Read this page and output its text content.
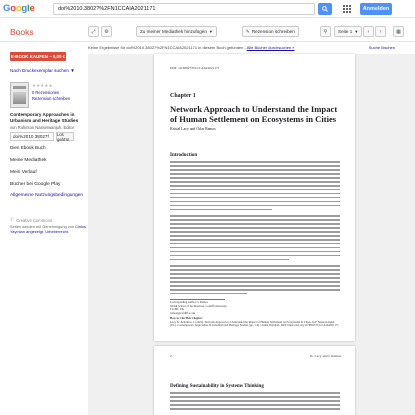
Google
doi%2010.3802?%2FN1CCAIA2021171	Anmelden
Books	⤢ ⚙	Zu meiner Mediathek hinzufügen ▼	✎ Rezension schreiben	⚲ Seite 1 ▼ ‹ ›	▦
Keine Ergebnisse für doi%2010.38027%2FN1CCAIA2021171 in diesem Buch gefunden - Alle Bücher durchsuchen »	Suche löschen
E-BOOK KAUFEN – 0,00 €
Nach Druckexemplar suchen ▼
★★★★★
0 Rezensionen
Rezension schreiben
Contemporary Approaches in Urbanism and Heritage Studies
von Rohinton Nasserwanjuh. Editor
doi%2010.38027f
Los geht's!
Dien Ebook Buch
Meine Mediathek
Mein Verlauf
Bücher bei Google Play
Allgemeine Nutzungsbedingungen
Ⓒ Creative Commons
Seiten werden mit Genehmigung von Cinius Yayınları angezeigt. Urheberrecht.
DOI: 10.38027/N1CCAIA2021171
Chapter 1
Network Approach to Understand the Impact of Human Settlement on Ecosystems in Cities
Kristal Lacy and Orlar Ramos
Introduction
Corresponding Author: I. Ramos
Welsh School of Architecture, Cardiff University,
Cardiff, UK
ramosj@cardiff.ac.uk
How to Cite This Chapter:
Lacy, K. & Ramos, I. (2021). Network Approach to Understand the Impact of Human Settlement on Ecosystems in Cities. In F. Nasserwanjuh (Ed.), Contemporary Approaches in Urbanism and Heritage Studies (pp. 1-9). Cinius Yayınları. DOI: https://doi.org/10.38027/N1CCAIA2021171
2	K. Lacy and I. Ramos
Defining Sustainability in Systems Thinking
